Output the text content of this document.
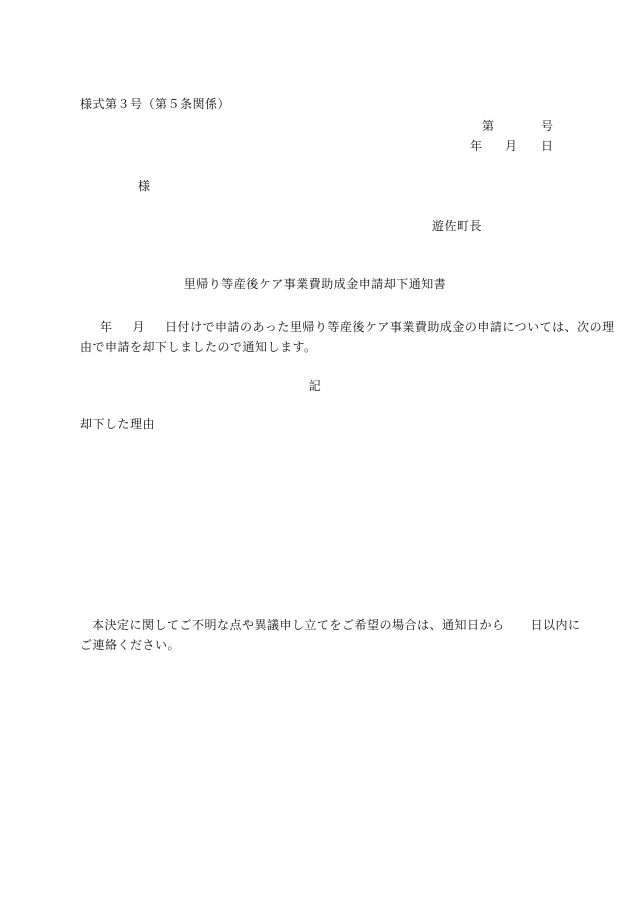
様式第３号（第５条関係）
第	号
年 月 日
様
遊佐町長
里帰り等産後ケア事業費助成金申請却下通知書
年 月 日付けで申請のあった里帰り等産後ケア事業費助成金の申請については、次の理
由で申請を却下しましたので通知します。
記
却下した理由
本決定に関してご不明な点や異議申し立てをご希望の場合は、通知日から 日以内に
ご連絡ください。
